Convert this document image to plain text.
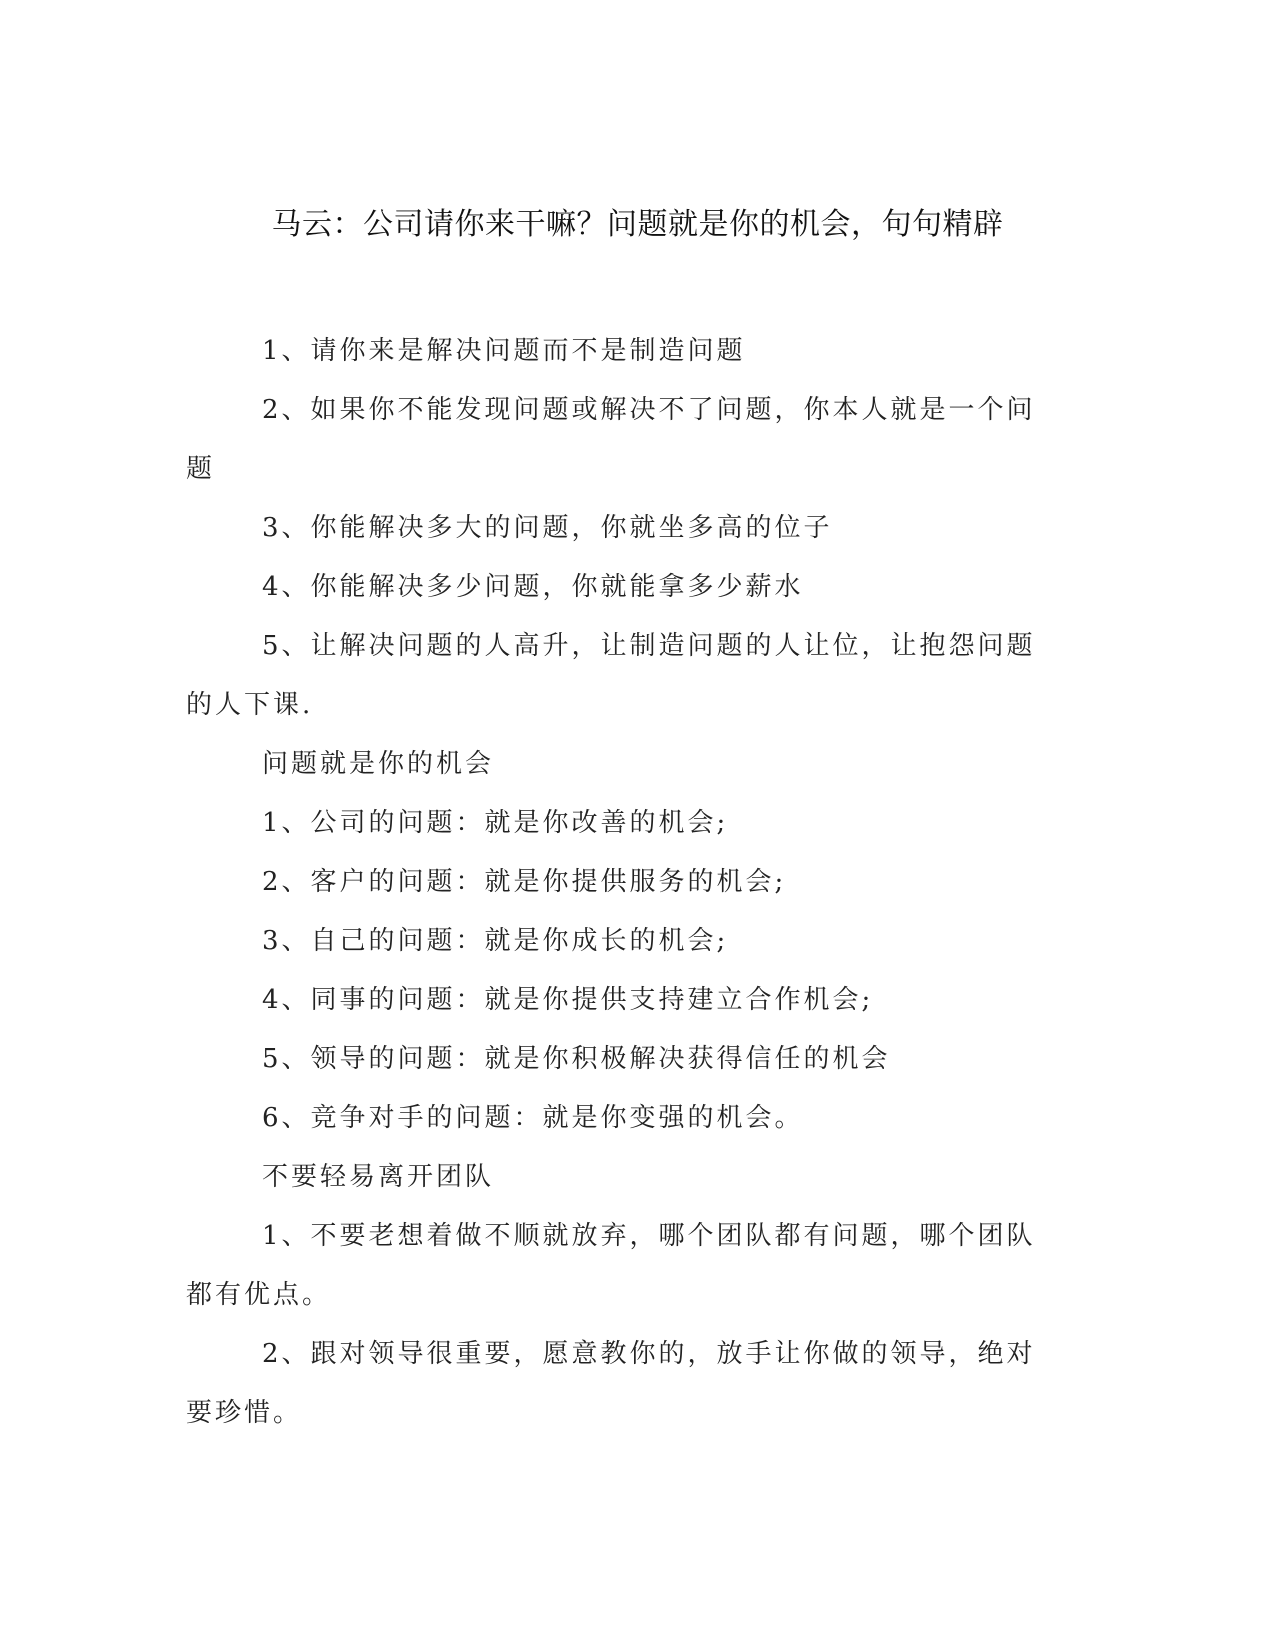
马云：公司请你来干嘛？问题就是你的机会，句句精辟

1、请你来是解决问题而不是制造问题

2、如果你不能发现问题或解决不了问题，你本人就是一个问题

3、你能解决多大的问题，你就坐多高的位子

4、你能解决多少问题，你就能拿多少薪水

5、让解决问题的人高升，让制造问题的人让位，让抱怨问题的人下课.

问题就是你的机会

1、公司的问题：就是你改善的机会;

2、客户的问题：就是你提供服务的机会;

3、自己的问题：就是你成长的机会;

4、同事的问题：就是你提供支持建立合作机会;

5、领导的问题：就是你积极解决获得信任的机会

6、竞争对手的问题：就是你变强的机会。

不要轻易离开团队

1、不要老想着做不顺就放弃，哪个团队都有问题，哪个团队都有优点。

2、跟对领导很重要，愿意教你的，放手让你做的领导，绝对要珍惜。
